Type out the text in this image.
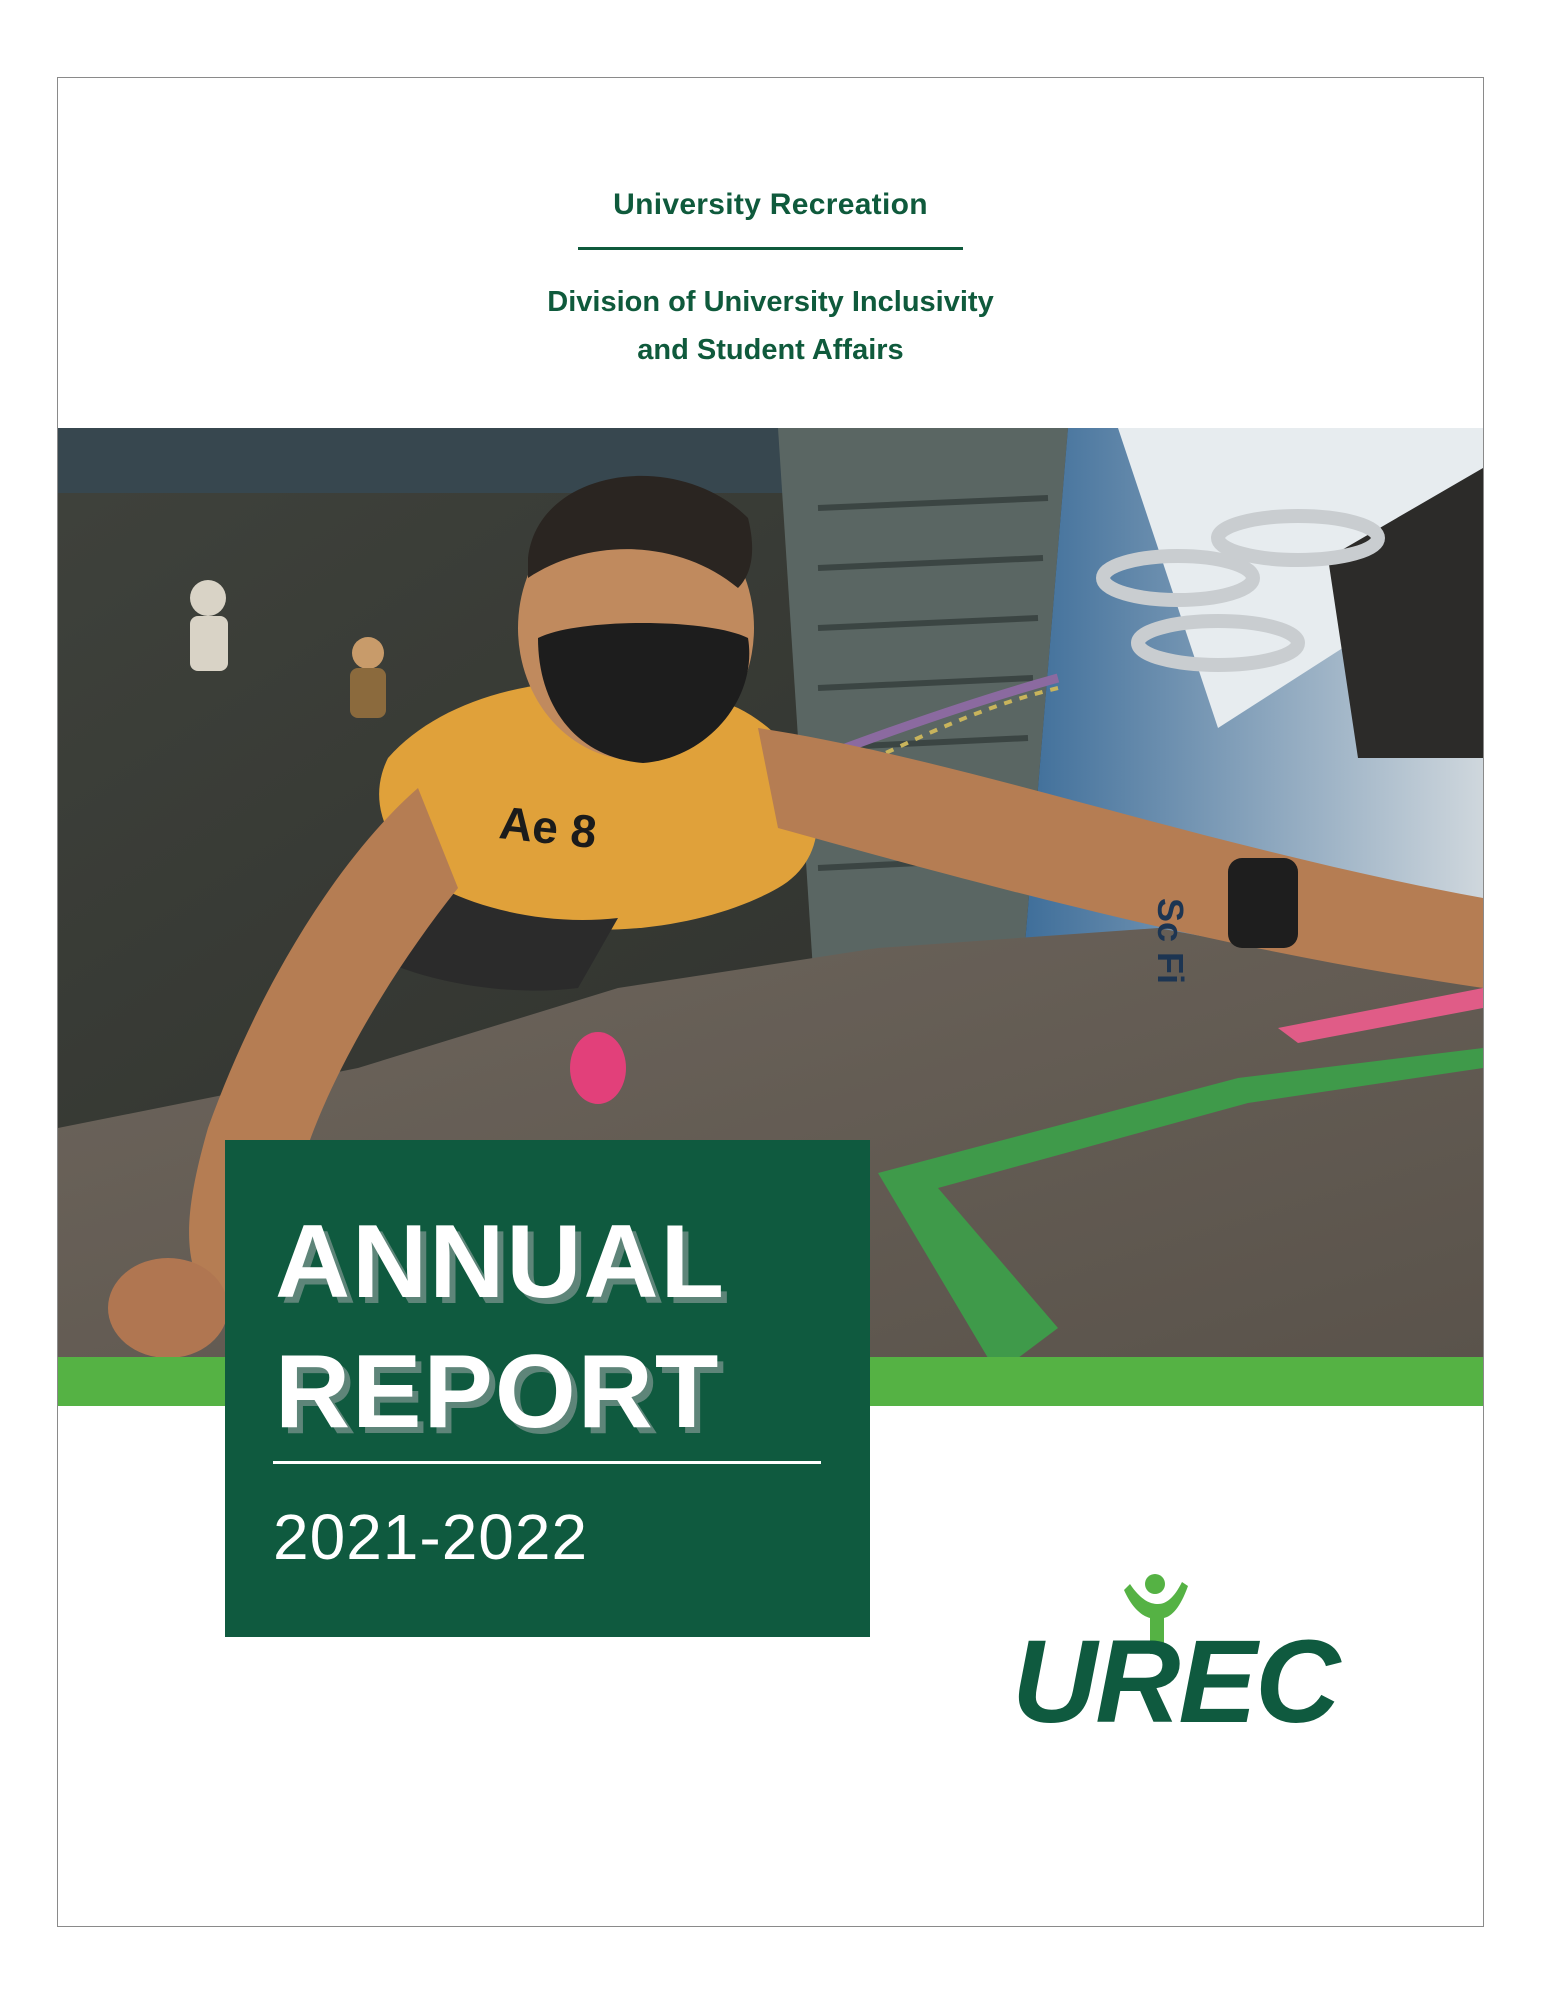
University Recreation

Division of University Inclusivity

and Student Affairs

Ae 8
Sc Fi

ANNUAL

REPORT

2021-2022

UREC
